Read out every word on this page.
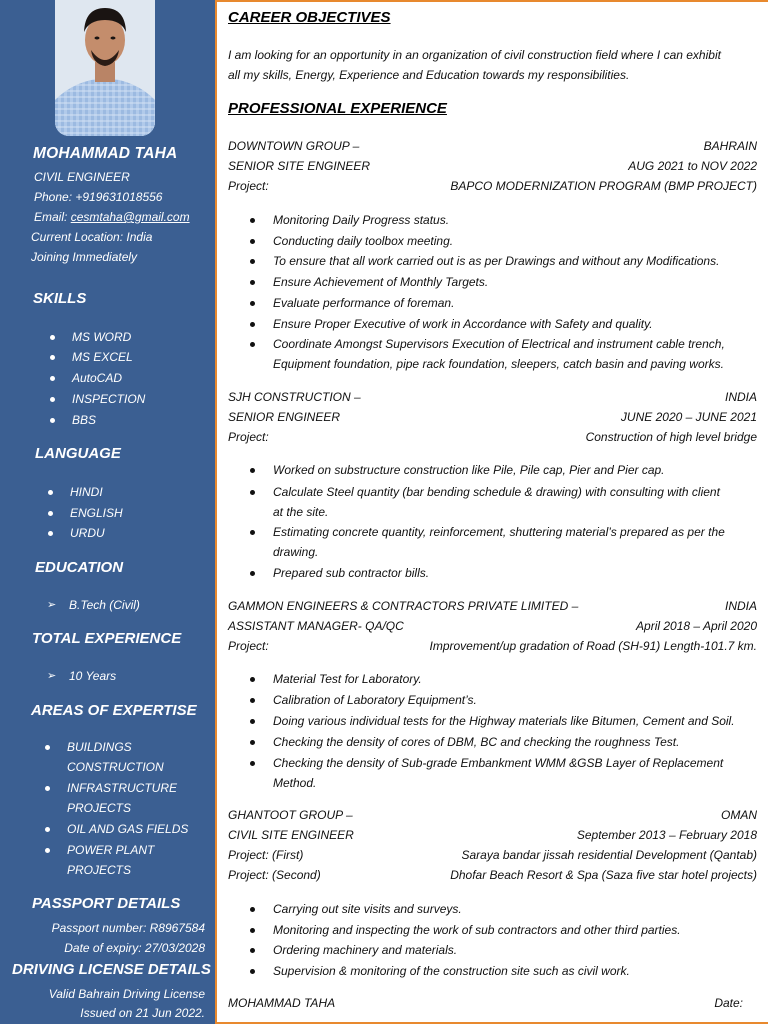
MOHAMMAD TAHA
CIVIL ENGINEER
Phone: +919631018556
Email: cesmtaha@gmail.com
Current Location: India
Joining Immediately
SKILLS
MS WORD
MS EXCEL
AutoCAD
INSPECTION
BBS
LANGUAGE
HINDI
ENGLISH
URDU
EDUCATION
➢ B.Tech (Civil)
TOTAL EXPERIENCE
➢ 10 Years
AREAS OF EXPERTISE
BUILDINGS
CONSTRUCTION
INFRASTRUCTURE
PROJECTS
OIL AND GAS FIELDS
POWER PLANT
PROJECTS
PASSPORT DETAILS
Passport number: R8967584
Date of expiry: 27/03/2028
DRIVING LICENSE DETAILS
Valid Bahrain Driving License
Issued on 21 Jun 2022.
CAREER OBJECTIVES
I am looking for an opportunity in an organization of civil construction field where I can exhibit
all my skills, Energy, Experience and Education towards my responsibilities.
PROFESSIONAL EXPERIENCE
DOWNTOWN GROUP –	BAHRAIN
SENIOR SITE ENGINEER	AUG 2021 to NOV 2022
Project:	BAPCO MODERNIZATION PROGRAM (BMP PROJECT)
Monitoring Daily Progress status.
Conducting daily toolbox meeting.
To ensure that all work carried out is as per Drawings and without any Modifications.
Ensure Achievement of Monthly Targets.
Evaluate performance of foreman.
Ensure Proper Executive of work in Accordance with Safety and quality.
Coordinate Amongst Supervisors Execution of Electrical and instrument cable trench,
Equipment foundation, pipe rack foundation, sleepers, catch basin and paving works.
SJH CONSTRUCTION –	INDIA
SENIOR ENGINEER	JUNE 2020 – JUNE 2021
Project:	Construction of high level bridge
Worked on substructure construction like Pile, Pile cap, Pier and Pier cap.
Calculate Steel quantity (bar bending schedule & drawing) with consulting with client
at the site.
Estimating concrete quantity, reinforcement, shuttering material’s prepared as per the
drawing.
Prepared sub contractor bills.
GAMMON ENGINEERS & CONTRACTORS PRIVATE LIMITED –	INDIA
ASSISTANT MANAGER- QA/QC	April 2018 – April 2020
Project:	Improvement/up gradation of Road (SH-91) Length-101.7 km.
Material Test for Laboratory.
Calibration of Laboratory Equipment’s.
Doing various individual tests for the Highway materials like Bitumen, Cement and Soil.
Checking the density of cores of DBM, BC and checking the roughness Test.
Checking the density of Sub-grade Embankment WMM &GSB Layer of Replacement
Method.
GHANTOOT GROUP –	OMAN
CIVIL SITE ENGINEER	September 2013 – February 2018
Project: (First)	Saraya bandar jissah residential Development (Qantab)
Project: (Second)	Dhofar Beach Resort & Spa (Saza five star hotel projects)
Carrying out site visits and surveys.
Monitoring and inspecting the work of sub contractors and other third parties.
Ordering machinery and materials.
Supervision & monitoring of the construction site such as civil work.
MOHAMMAD TAHA	Date:
